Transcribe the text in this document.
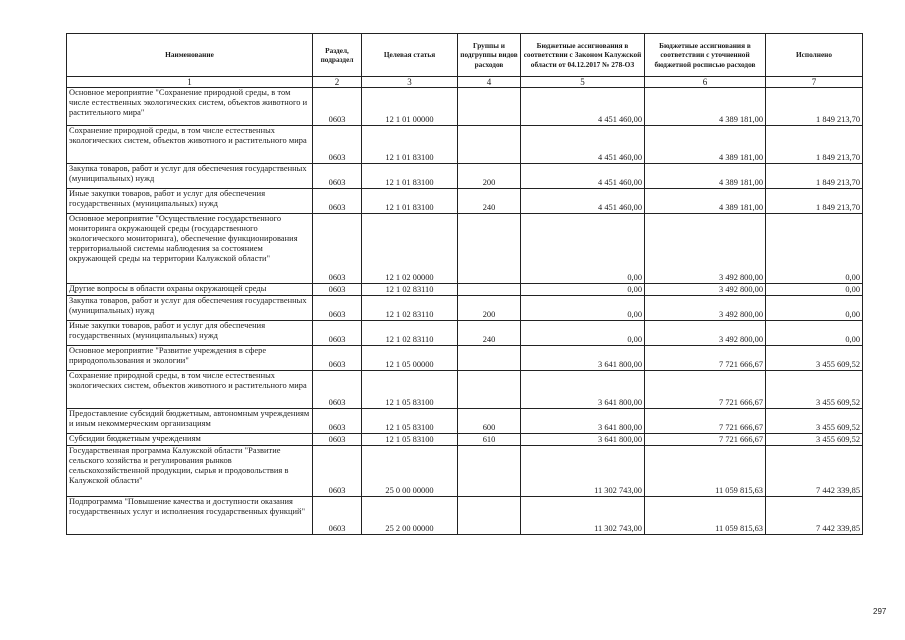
Наименование	Раздел, подраздел	Целевая статья	Группы и подгруппы видов расходов	Бюджетные ассигнования в соответствии с Законом Калужской области от 04.12.2017 № 278-ОЗ	Бюджетные ассигнования в соответствии с уточненной бюджетной росписью расходов	Исполнено
1	2	3	4	5	6	7
Основное мероприятие "Сохранение природной среды, в том числе естественных экологических систем, объектов животного и растительного мира"	0603	12 1 01 00000		4 451 460,00	4 389 181,00	1 849 213,70
Сохранение природной среды, в том числе естественных экологических систем, объектов животного и растительного мира	0603	12 1 01 83100		4 451 460,00	4 389 181,00	1 849 213,70
Закупка товаров, работ и услуг для обеспечения государственных (муниципальных) нужд	0603	12 1 01 83100	200	4 451 460,00	4 389 181,00	1 849 213,70
Иные закупки товаров, работ и услуг для обеспечения государственных (муниципальных) нужд	0603	12 1 01 83100	240	4 451 460,00	4 389 181,00	1 849 213,70
Основное мероприятие "Осуществление государственного мониторинга окружающей среды (государственного экологического мониторинга), обеспечение функционирования территориальной системы наблюдения за состоянием окружающей среды на территории Калужской области"	0603	12 1 02 00000		0,00	3 492 800,00	0,00
Другие вопросы в области охраны окружающей среды	0603	12 1 02 83110		0,00	3 492 800,00	0,00
Закупка товаров, работ и услуг для обеспечения государственных (муниципальных) нужд	0603	12 1 02 83110	200	0,00	3 492 800,00	0,00
Иные закупки товаров, работ и услуг для обеспечения государственных (муниципальных) нужд	0603	12 1 02 83110	240	0,00	3 492 800,00	0,00
Основное мероприятие "Развитие учреждения в сфере природопользования и экологии"	0603	12 1 05 00000		3 641 800,00	7 721 666,67	3 455 609,52
Сохранение природной среды, в том числе естественных экологических систем, объектов животного и растительного мира	0603	12 1 05 83100		3 641 800,00	7 721 666,67	3 455 609,52
Предоставление субсидий бюджетным, автономным учреждениям и иным некоммерческим организациям	0603	12 1 05 83100	600	3 641 800,00	7 721 666,67	3 455 609,52
Субсидии бюджетным учреждениям	0603	12 1 05 83100	610	3 641 800,00	7 721 666,67	3 455 609,52
Государственная программа Калужской области "Развитие сельского хозяйства и регулирования рынков сельскохозяйственной продукции, сырья и продовольствия в Калужской области"	0603	25 0 00 00000		11 302 743,00	11 059 815,63	7 442 339,85
Подпрограмма "Повышение качества и доступности оказания государственных услуг и исполнения государственных функций"	0603	25 2 00 00000		11 302 743,00	11 059 815,63	7 442 339,85
297
